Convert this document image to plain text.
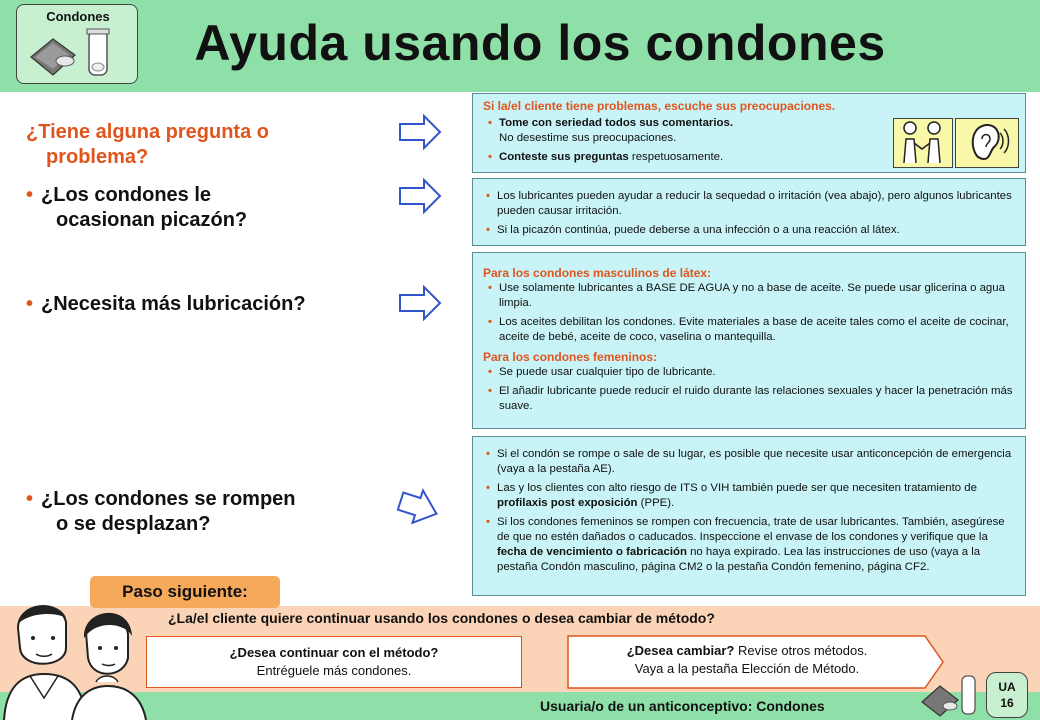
Condones	Ayuda usando los condones
¿Tiene alguna pregunta o
problema?
• ¿Los condones le
ocasionan picazón?
• ¿Necesita más lubricación?
• ¿Los condones se rompen
o se desplazan?
Si la/el cliente tiene problemas, escuche sus preocupaciones.
• Tome con seriedad todos sus comentarios.
No desestime sus preocupaciones.
• Conteste sus preguntas respetuosamente.
• Los lubricantes pueden ayudar a reducir la sequedad o irritación (vea abajo), pero algunos lubricantes pueden causar irritación.
• Si la picazón continúa, puede deberse a una infección o a una reacción al látex.
Para los condones masculinos de látex:
• Use solamente lubricantes a BASE DE AGUA y no a base de aceite. Se puede usar glicerina o agua limpia.
• Los aceites debilitan los condones. Evite materiales a base de aceite tales como el aceite de cocinar, aceite de bebé, aceite de coco, vaselina o mantequilla.
Para los condones femeninos:
• Se puede usar cualquier tipo de lubricante.
• El añadir lubricante puede reducir el ruido durante las relaciones sexuales y hacer la penetración más suave.
• Si el condón se rompe o sale de su lugar, es posible que necesite usar anticoncepción de emergencia (vaya a la pestaña AE).
• Las y los clientes con alto riesgo de ITS o VIH también puede ser que necesiten tratamiento de profilaxis post exposición (PPE).
• Si los condones femeninos se rompen con frecuencia, trate de usar lubricantes. También, asegúrese de que no estén dañados o caducados. Inspeccione el envase de los condones y verifique que la fecha de vencimiento o fabricación no haya expirado. Lea las instrucciones de uso (vaya a la pestaña Condón masculino, página CM2 o la pestaña Condón femenino, página CF2.
Paso siguiente:
¿La/el cliente quiere continuar usando los condones o desea cambiar de método?
¿Desea continuar con el método?
Entréguele más condones.
¿Desea cambiar? Revise otros métodos.
Vaya a la pestaña Elección de Método.
Usuaria/o de un anticonceptivo: Condones
UA
16
